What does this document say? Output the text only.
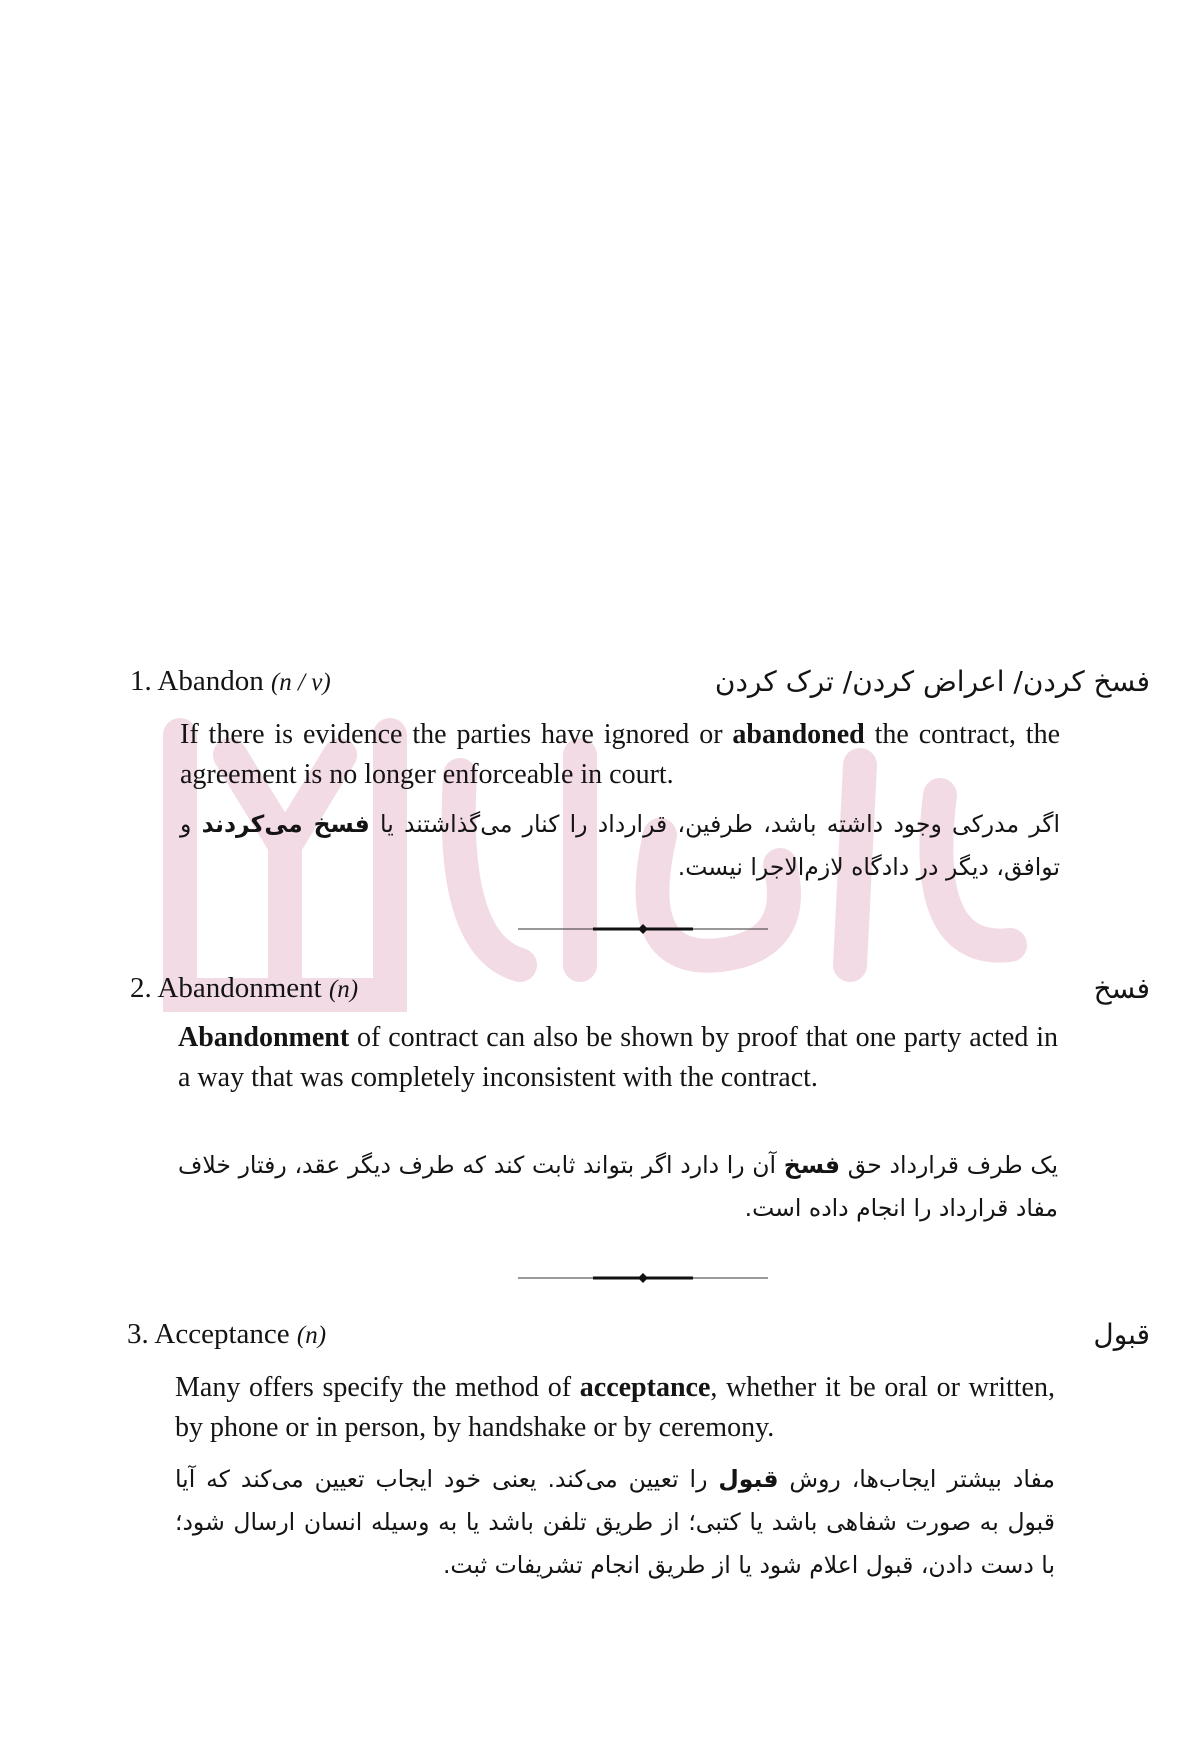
1. Abandon (n / v)	فسخ کردن/ اعراض کردن/ ترک کردن
If there is evidence the parties have ignored or abandoned the contract, the agreement is no longer enforceable in court.
اگر مدرکی وجود داشته باشد، طرفین، قرارداد را کنار می‌گذاشتند یا فسخ می‌کردند و توافق، دیگر در دادگاه لازم‌الاجرا نیست.
2. Abandonment (n)	فسخ
Abandonment of contract can also be shown by proof that one party acted in a way that was completely inconsistent with the contract.
یک طرف قرارداد حق فسخ آن را دارد اگر بتواند ثابت کند که طرف دیگر عقد، رفتار خلاف مفاد قرارداد را انجام داده است.
3. Acceptance (n)	قبول
Many offers specify the method of acceptance, whether it be oral or written, by phone or in person, by handshake or by ceremony.
مفاد بیشتر ایجاب‌ها، روش قبول را تعیین می‌کند. یعنی خود ایجاب تعیین می‌کند که آیا قبول به صورت شفاهی باشد یا کتبی؛ از طریق تلفن باشد یا به وسیله انسان ارسال شود؛ با دست دادن، قبول اعلام شود یا از طریق انجام تشریفات ثبت.
